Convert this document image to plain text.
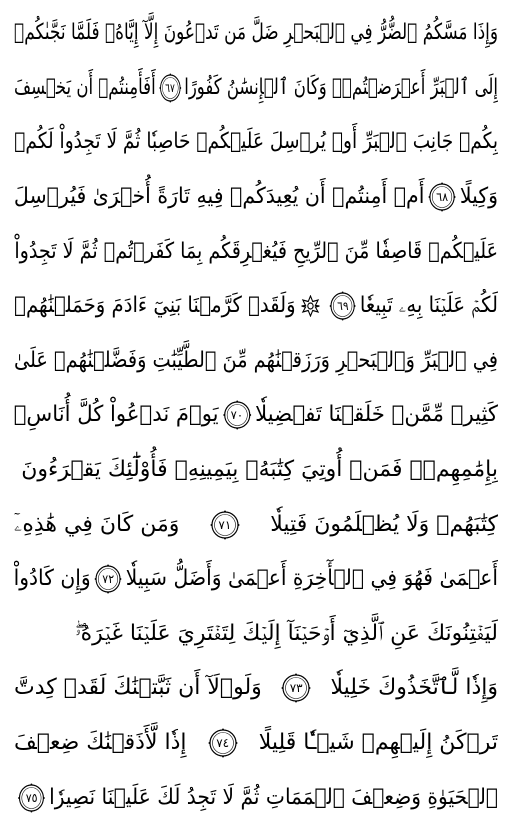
وَإِذَا مَسَّكُمُ ٱلضُّرُّ فِي ٱلۡبَحۡرِ ضَلَّ مَن تَدۡعُونَ إِلَّآ إِيَّاهُۖ فَلَمَّا نَجَّىٰكُمۡ
إِلَى ٱلۡبَرِّ أَعۡرَضۡتُمۡۚ وَكَانَ ٱلۡإِنسَٰنُ كَفُورًا
٦٧
أَفَأَمِنتُمۡ أَن يَخۡسِفَ
بِكُمۡ جَانِبَ ٱلۡبَرِّ أَوۡ يُرۡسِلَ عَلَيۡكُمۡ حَاصِبٗا ثُمَّ لَا تَجِدُواْ لَكُمۡ
وَكِيلًا
٦٨
أَمۡ أَمِنتُمۡ أَن يُعِيدَكُمۡ فِيهِ تَارَةً أُخۡرَىٰ فَيُرۡسِلَ
عَلَيۡكُمۡ قَاصِفٗا مِّنَ ٱلرِّيحِ فَيُغۡرِقَكُم بِمَا كَفَرۡتُمۡ ثُمَّ لَا تَجِدُواْ
لَكُمۡ عَلَيۡنَا بِهِۦ تَبِيعٗا
٦٩
وَلَقَدۡ كَرَّمۡنَا بَنِيٓ ءَادَمَ وَحَمَلۡنَٰهُمۡ
فِي ٱلۡبَرِّ وَٱلۡبَحۡرِ وَرَزَقۡنَٰهُم مِّنَ ٱلطَّيِّبَٰتِ وَفَضَّلۡنَٰهُمۡ عَلَىٰ
كَثِيرٖ مِّمَّنۡ خَلَقۡنَا تَفۡضِيلٗا
٧٠
يَوۡمَ نَدۡعُواْ كُلَّ أُنَاسِۭ
بِإِمَٰمِهِمۡۖ فَمَنۡ أُوتِيَ كِتَٰبَهُۥ بِيَمِينِهِۦ فَأُوْلَٰٓئِكَ يَقۡرَءُونَ
كِتَٰبَهُمۡ وَلَا يُظۡلَمُونَ فَتِيلٗا
٧١
وَمَن كَانَ فِي هَٰذِهِۦٓ
أَعۡمَىٰ فَهُوَ فِي ٱلۡأٓخِرَةِ أَعۡمَىٰ وَأَضَلُّ سَبِيلٗا
٧٢
وَإِن كَادُواْ
لَيَفۡتِنُونَكَ عَنِ ٱلَّذِيٓ أَوۡحَيۡنَآ إِلَيۡكَ لِتَفۡتَرِيَ عَلَيۡنَا غَيۡرَهُۥۖ
وَإِذٗا لَّٱتَّخَذُوكَ خَلِيلٗا
٧٣
وَلَوۡلَآ أَن ثَبَّتۡنَٰكَ لَقَدۡ كِدتَّ
تَرۡكَنُ إِلَيۡهِمۡ شَيۡـٔٗا قَلِيلًا
٧٤
إِذٗا لَّأَذَقۡنَٰكَ ضِعۡفَ
ٱلۡحَيَوٰةِ وَضِعۡفَ ٱلۡمَمَاتِ ثُمَّ لَا تَجِدُ لَكَ عَلَيۡنَا نَصِيرٗا
٧٥
